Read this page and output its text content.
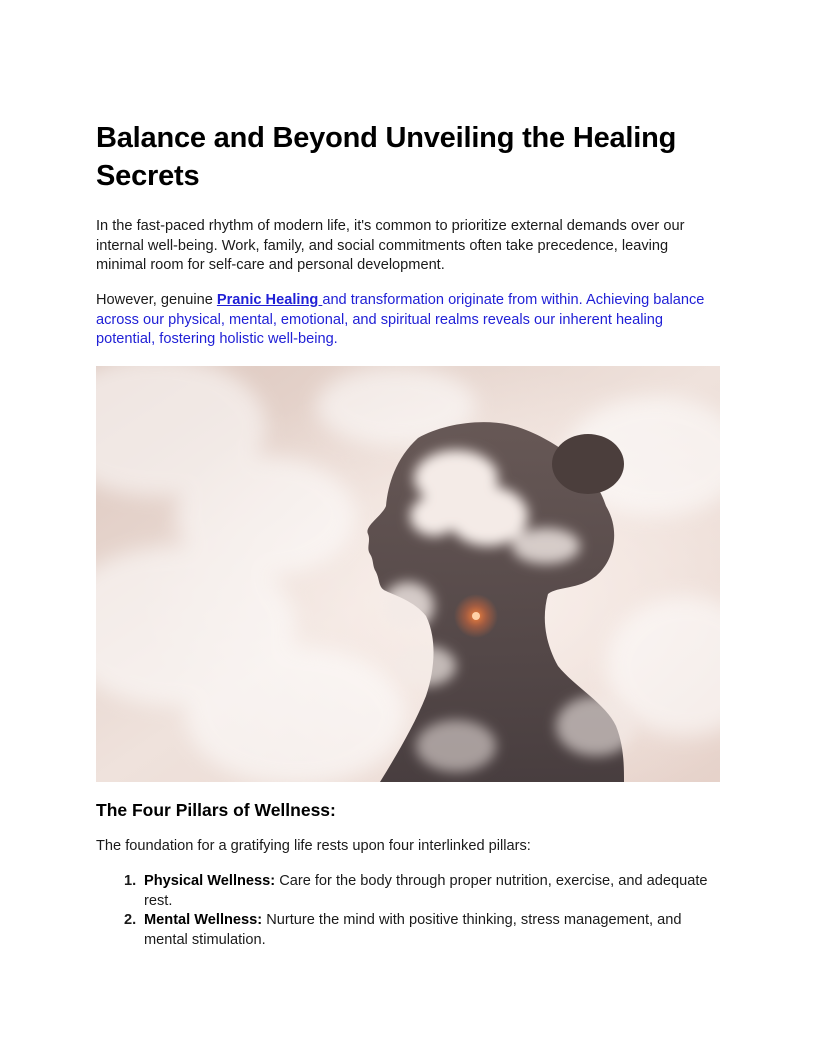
Balance and Beyond Unveiling the Healing Secrets

In the fast-paced rhythm of modern life, it's common to prioritize external demands over our internal well-being. Work, family, and social commitments often take precedence, leaving minimal room for self-care and personal development.

However, genuine Pranic Healing and transformation originate from within. Achieving balance across our physical, mental, emotional, and spiritual realms reveals our inherent healing potential, fostering holistic well-being.

The Four Pillars of Wellness:

The foundation for a gratifying life rests upon four interlinked pillars:

1. Physical Wellness: Care for the body through proper nutrition, exercise, and adequate rest.
2. Mental Wellness: Nurture the mind with positive thinking, stress management, and mental stimulation.
